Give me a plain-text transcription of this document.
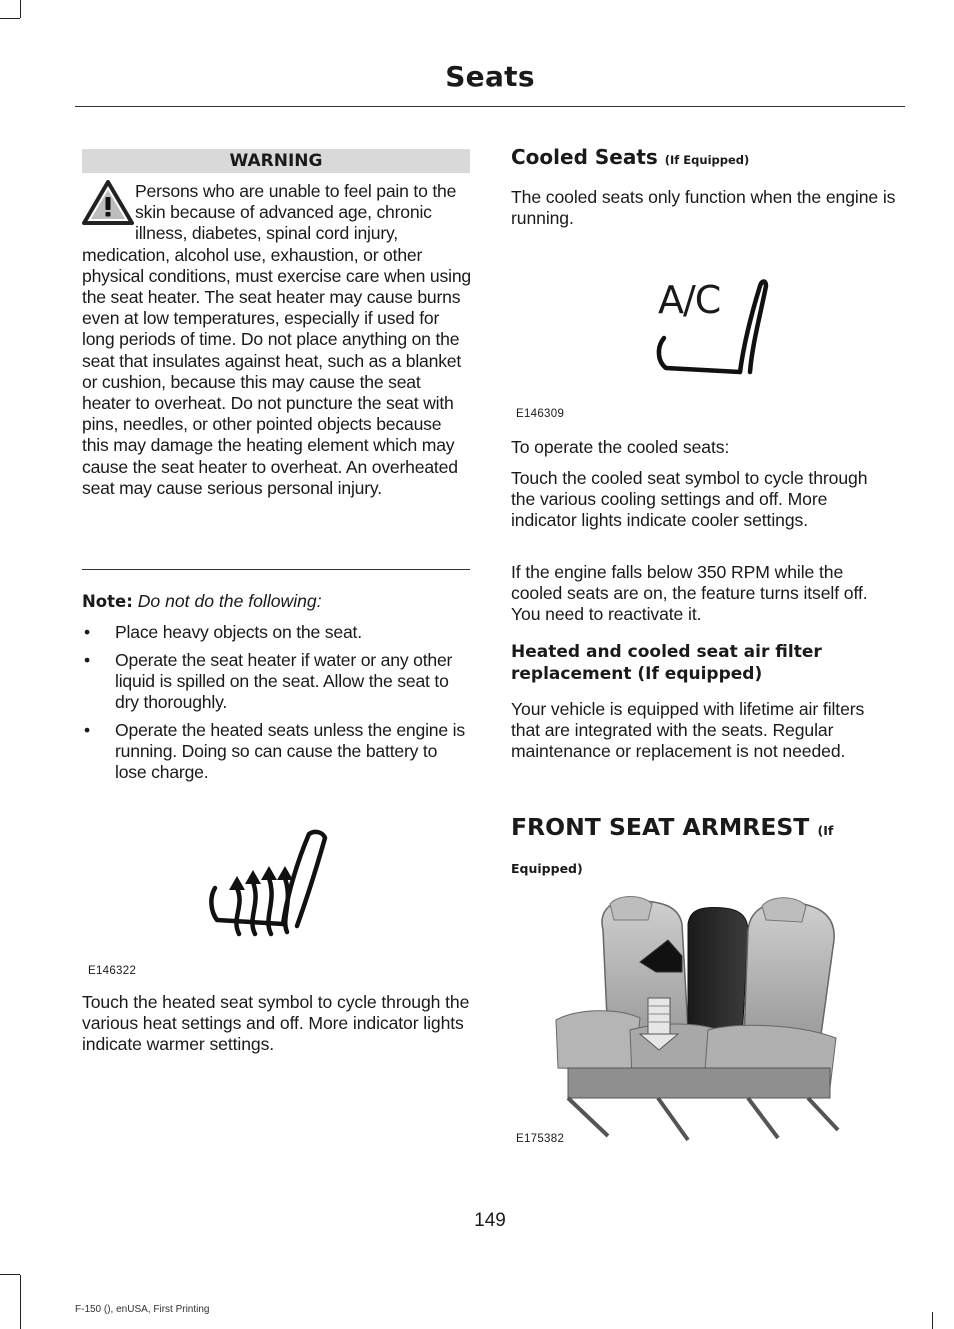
Seats
WARNING
Persons who are unable to feel pain to the skin because of advanced age, chronic illness, diabetes, spinal cord injury, medication, alcohol use, exhaustion, or other physical conditions, must exercise care when using the seat heater. The seat heater may cause burns even at low temperatures, especially if used for long periods of time. Do not place anything on the seat that insulates against heat, such as a blanket or cushion, because this may cause the seat heater to overheat. Do not puncture the seat with pins, needles, or other pointed objects because this may damage the heating element which may cause the seat heater to overheat. An overheated seat may cause serious personal injury.
Note: Do not do the following:
• Place heavy objects on the seat.
• Operate the seat heater if water or any other liquid is spilled on the seat. Allow the seat to dry thoroughly.
• Operate the heated seats unless the engine is running. Doing so can cause the battery to lose charge.
E146322
Touch the heated seat symbol to cycle through the various heat settings and off. More indicator lights indicate warmer settings.
Cooled Seats (If Equipped)
The cooled seats only function when the engine is running.
A/C
E146309
To operate the cooled seats:
Touch the cooled seat symbol to cycle through the various cooling settings and off. More indicator lights indicate cooler settings.
If the engine falls below 350 RPM while the cooled seats are on, the feature turns itself off. You need to reactivate it.
Heated and cooled seat air filter replacement (If equipped)
Your vehicle is equipped with lifetime air filters that are integrated with the seats. Regular maintenance or replacement is not needed.
FRONT SEAT ARMREST (If Equipped)
E175382
149
F-150 (), enUSA, First Printing
